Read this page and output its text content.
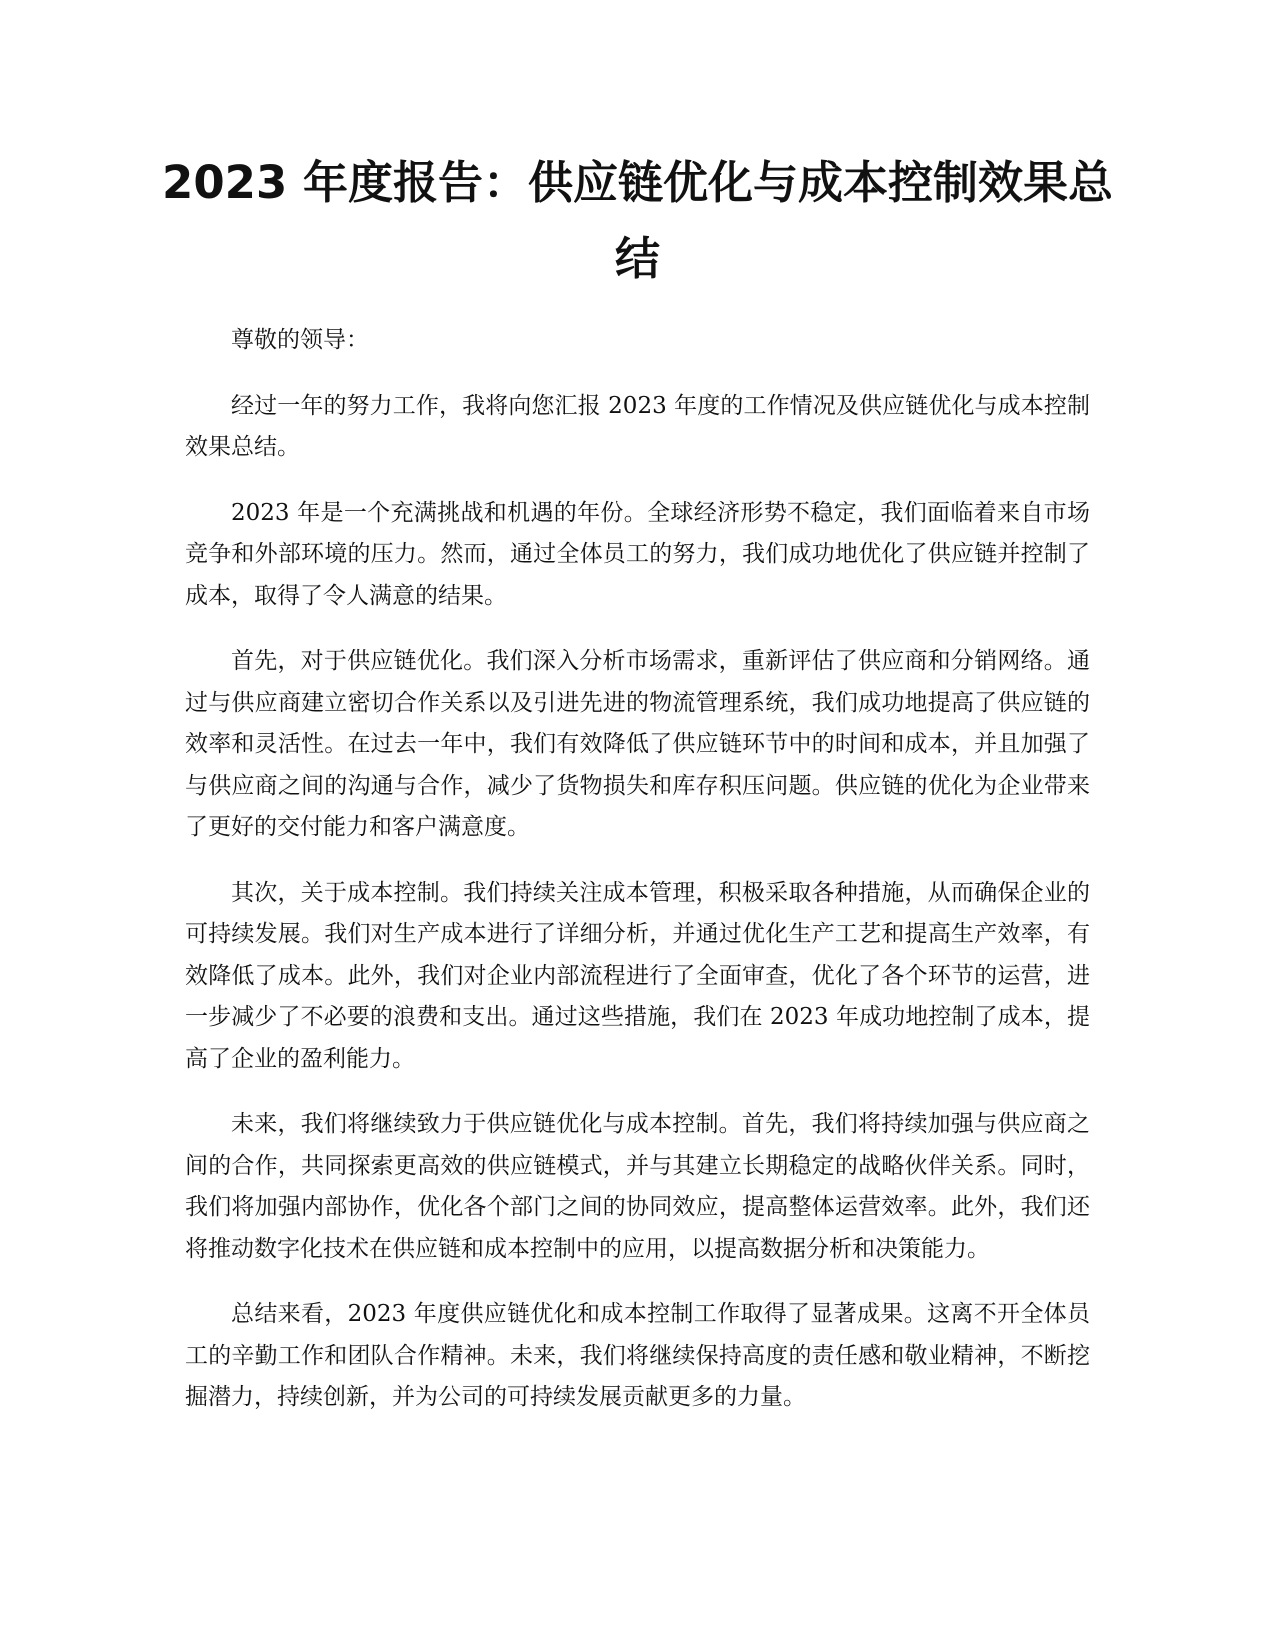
2023 年度报告：供应链优化与成本控制效果总结

尊敬的领导：

经过一年的努力工作，我将向您汇报 2023 年度的工作情况及供应链优化与成本控制效果总结。

2023 年是一个充满挑战和机遇的年份。全球经济形势不稳定，我们面临着来自市场竞争和外部环境的压力。然而，通过全体员工的努力，我们成功地优化了供应链并控制了成本，取得了令人满意的结果。

首先，对于供应链优化。我们深入分析市场需求，重新评估了供应商和分销网络。通过与供应商建立密切合作关系以及引进先进的物流管理系统，我们成功地提高了供应链的效率和灵活性。在过去一年中，我们有效降低了供应链环节中的时间和成本，并且加强了与供应商之间的沟通与合作，减少了货物损失和库存积压问题。供应链的优化为企业带来了更好的交付能力和客户满意度。

其次，关于成本控制。我们持续关注成本管理，积极采取各种措施，从而确保企业的可持续发展。我们对生产成本进行了详细分析，并通过优化生产工艺和提高生产效率，有效降低了成本。此外，我们对企业内部流程进行了全面审查，优化了各个环节的运营，进一步减少了不必要的浪费和支出。通过这些措施，我们在 2023 年成功地控制了成本，提高了企业的盈利能力。

未来，我们将继续致力于供应链优化与成本控制。首先，我们将持续加强与供应商之间的合作，共同探索更高效的供应链模式，并与其建立长期稳定的战略伙伴关系。同时，我们将加强内部协作，优化各个部门之间的协同效应，提高整体运营效率。此外，我们还将推动数字化技术在供应链和成本控制中的应用，以提高数据分析和决策能力。

总结来看，2023 年度供应链优化和成本控制工作取得了显著成果。这离不开全体员工的辛勤工作和团队合作精神。未来，我们将继续保持高度的责任感和敬业精神，不断挖掘潜力，持续创新，并为公司的可持续发展贡献更多的力量。
